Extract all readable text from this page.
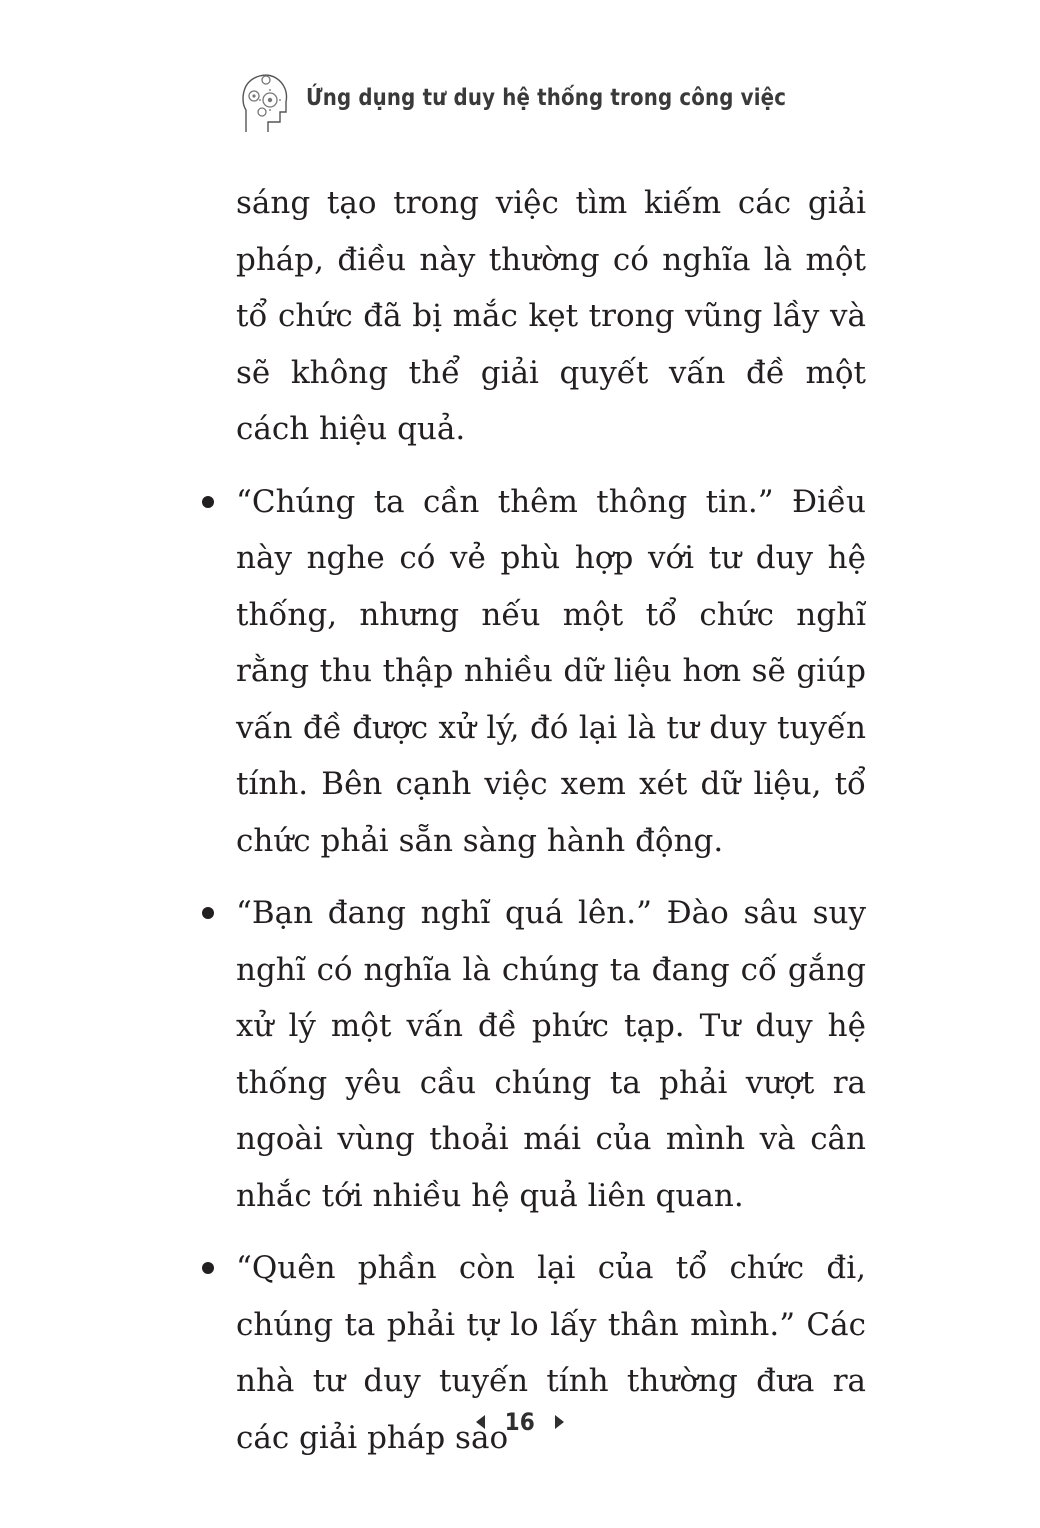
Ứng dụng tư duy hệ thống trong công việc

sáng tạo trong việc tìm kiếm các giải pháp, điều này thường có nghĩa là một tổ chức đã bị mắc kẹt trong vũng lầy và sẽ không thể giải quyết vấn đề một cách hiệu quả.

“Chúng ta cần thêm thông tin.” Điều này nghe có vẻ phù hợp với tư duy hệ thống, nhưng nếu một tổ chức nghĩ rằng thu thập nhiều dữ liệu hơn sẽ giúp vấn đề được xử lý, đó lại là tư duy tuyến tính. Bên cạnh việc xem xét dữ liệu, tổ chức phải sẵn sàng hành động.

“Bạn đang nghĩ quá lên.” Đào sâu suy nghĩ có nghĩa là chúng ta đang cố gắng xử lý một vấn đề phức tạp. Tư duy hệ thống yêu cầu chúng ta phải vượt ra ngoài vùng thoải mái của mình và cân nhắc tới nhiều hệ quả liên quan.

“Quên phần còn lại của tổ chức đi, chúng ta phải tự lo lấy thân mình.” Các nhà tư duy tuyến tính thường đưa ra các giải pháp sao

16
